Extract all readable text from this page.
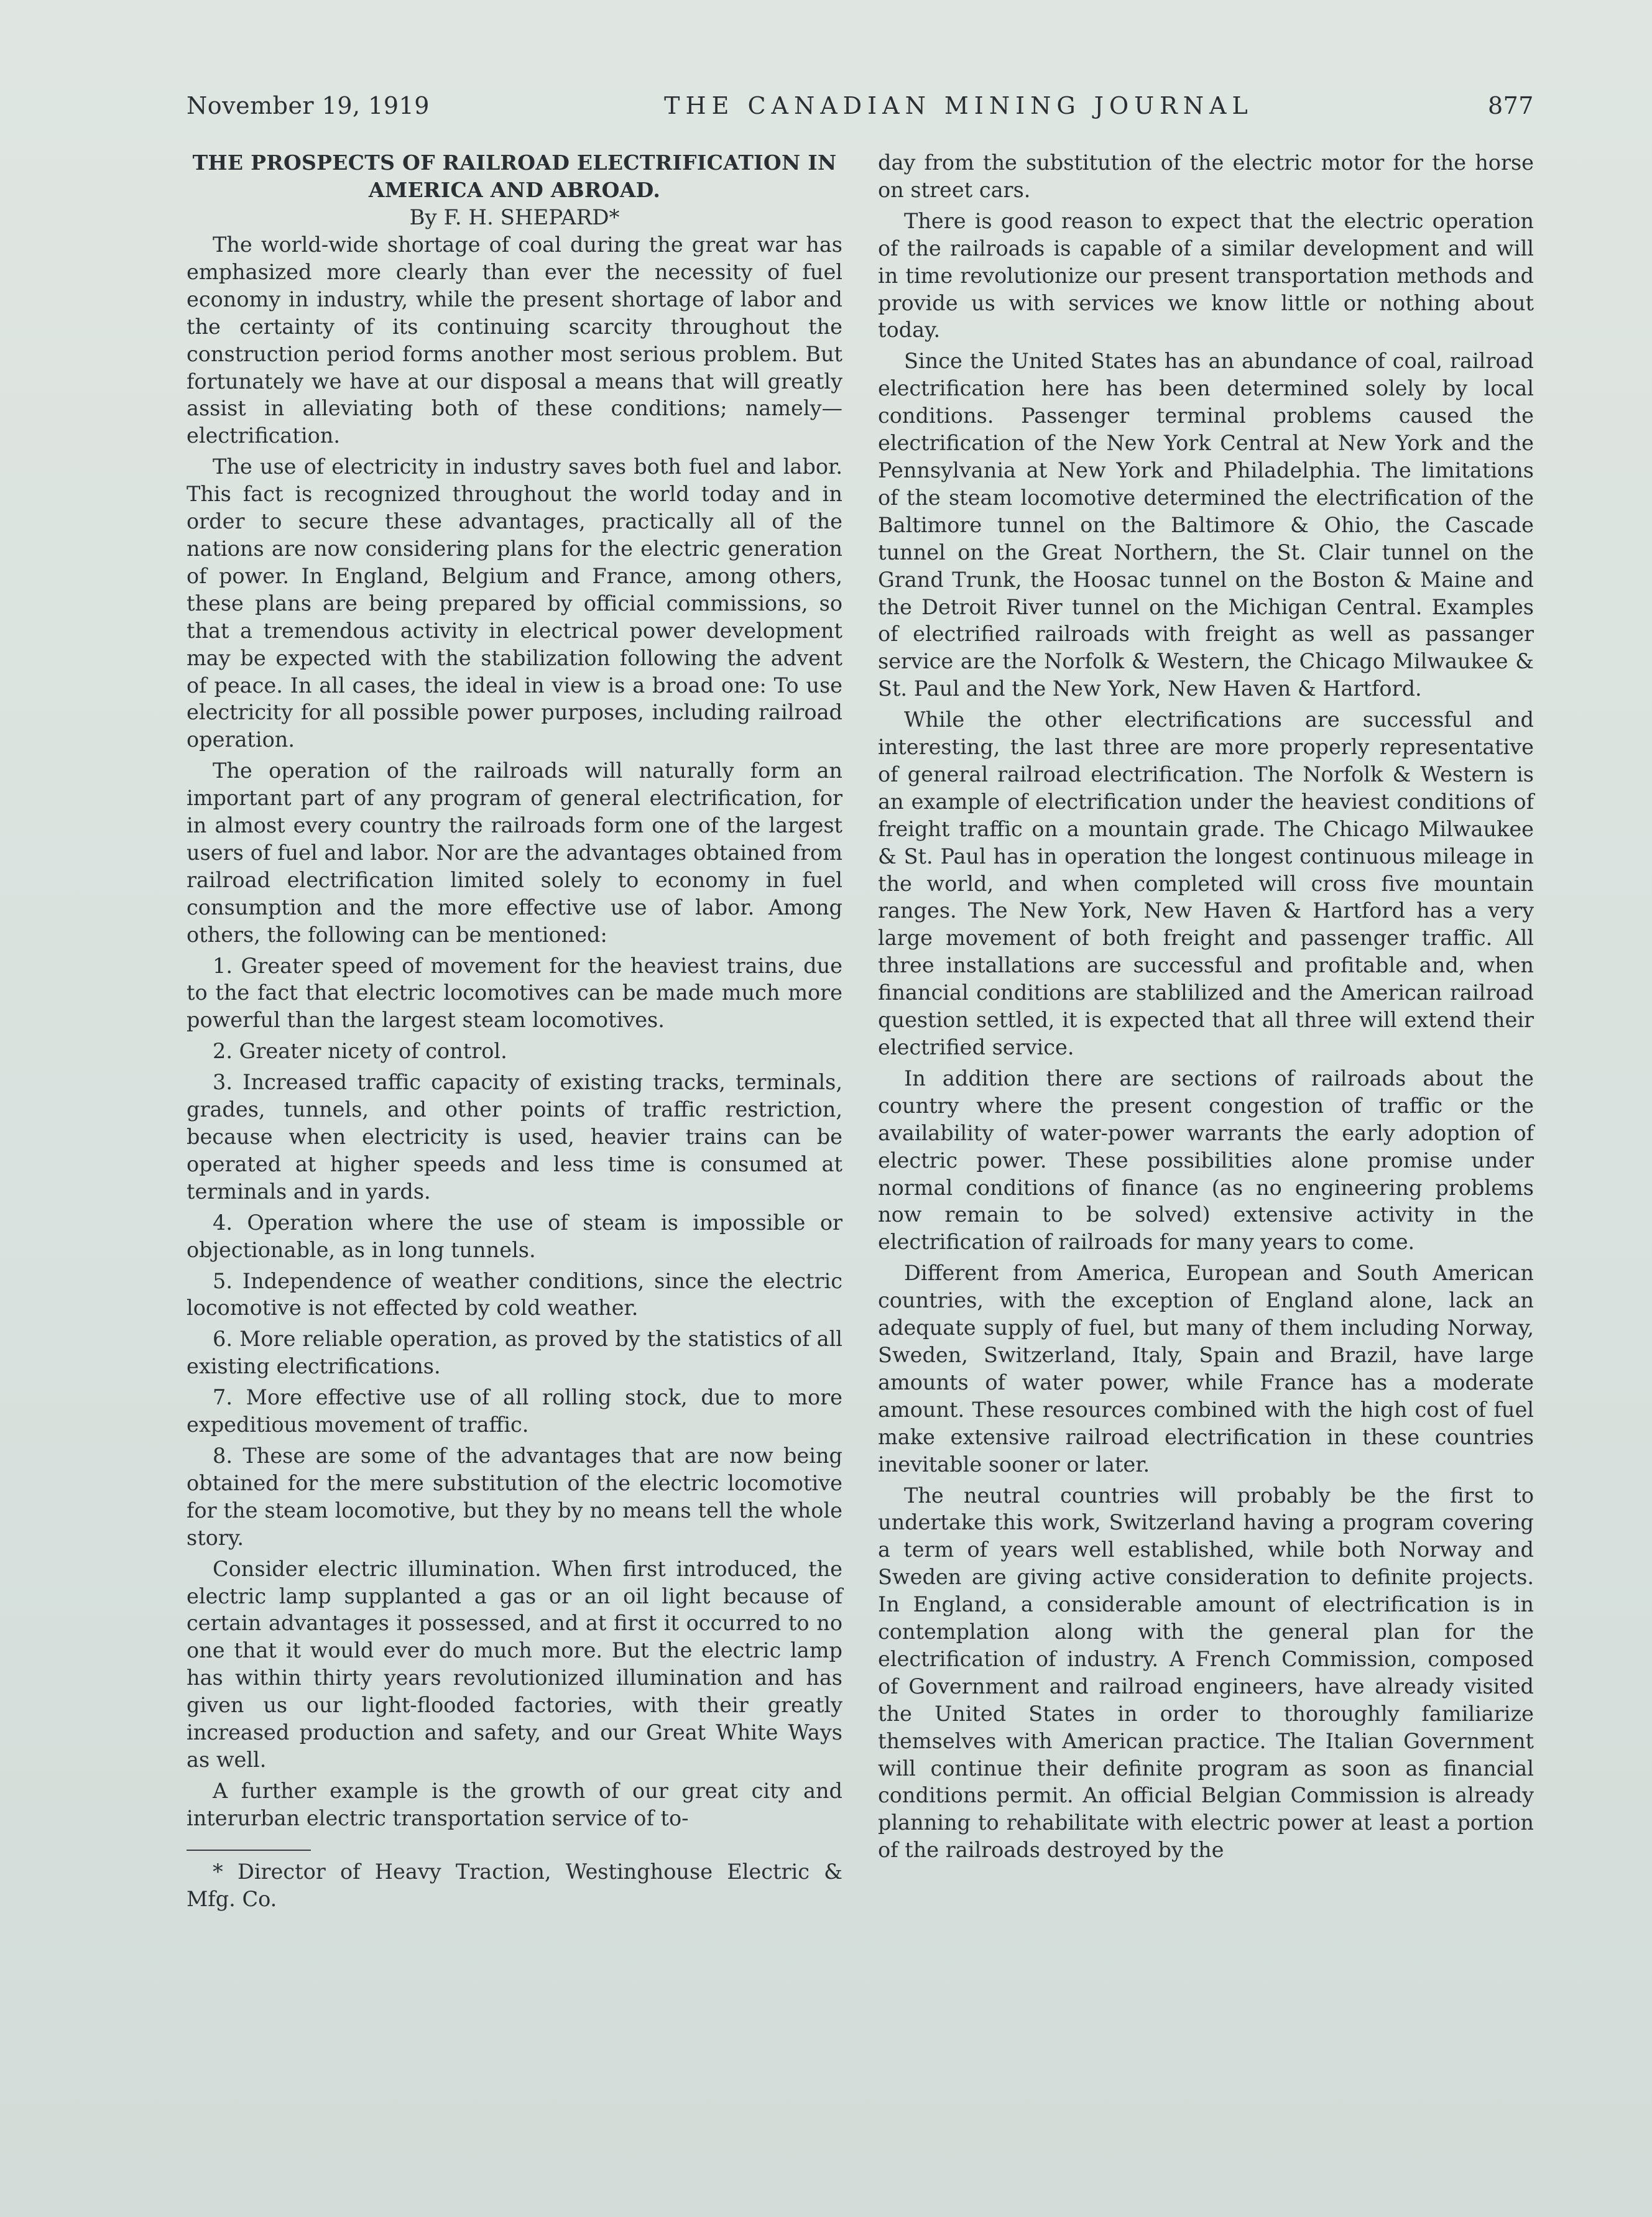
November 19, 1919	THE CANADIAN MINING JOURNAL	877
THE PROSPECTS OF RAILROAD ELECTRIFICATION IN AMERICA AND ABROAD.

By F. H. SHEPARD*

The world-wide shortage of coal during the great war has emphasized more clearly than ever the necessity of fuel economy in industry, while the present shortage of labor and the certainty of its continuing scarcity throughout the construction period forms another most serious problem. But fortunately we have at our disposal a means that will greatly assist in alleviating both of these conditions; namely—electrification.

The use of electricity in industry saves both fuel and labor. This fact is recognized throughout the world today and in order to secure these advantages, practically all of the nations are now considering plans for the electric generation of power. In England, Belgium and France, among others, these plans are being prepared by official commissions, so that a tremendous activity in electrical power development may be expected with the stabilization following the advent of peace. In all cases, the ideal in view is a broad one: To use electricity for all possible power purposes, including railroad operation.

The operation of the railroads will naturally form an important part of any program of general electrification, for in almost every country the railroads form one of the largest users of fuel and labor. Nor are the advantages obtained from railroad electrification limited solely to economy in fuel consumption and the more effective use of labor. Among others, the following can be mentioned:

1. Greater speed of movement for the heaviest trains, due to the fact that electric locomotives can be made much more powerful than the largest steam locomotives.

2. Greater nicety of control.

3. Increased traffic capacity of existing tracks, terminals, grades, tunnels, and other points of traffic restriction, because when electricity is used, heavier trains can be operated at higher speeds and less time is consumed at terminals and in yards.

4. Operation where the use of steam is impossible or objectionable, as in long tunnels.

5. Independence of weather conditions, since the electric locomotive is not effected by cold weather.

6. More reliable operation, as proved by the statistics of all existing electrifications.

7. More effective use of all rolling stock, due to more expeditious movement of traffic.

8. These are some of the advantages that are now being obtained for the mere substitution of the electric locomotive for the steam locomotive, but they by no means tell the whole story.

Consider electric illumination. When first introduced, the electric lamp supplanted a gas or an oil light because of certain advantages it possessed, and at first it occurred to no one that it would ever do much more. But the electric lamp has within thirty years revolutionized illumination and has given us our light-flooded factories, with their greatly increased production and safety, and our Great White Ways as well.

A further example is the growth of our great city and interurban electric transportation service of to-

* Director of Heavy Traction, Westinghouse Electric & Mfg. Co.

day from the substitution of the electric motor for the horse on street cars.

There is good reason to expect that the electric operation of the railroads is capable of a similar development and will in time revolutionize our present transportation methods and provide us with services we know little or nothing about today.

Since the United States has an abundance of coal, railroad electrification here has been determined solely by local conditions. Passenger terminal problems caused the electrification of the New York Central at New York and the Pennsylvania at New York and Philadelphia. The limitations of the steam locomotive determined the electrification of the Baltimore tunnel on the Baltimore & Ohio, the Cascade tunnel on the Great Northern, the St. Clair tunnel on the Grand Trunk, the Hoosac tunnel on the Boston & Maine and the Detroit River tunnel on the Michigan Central. Examples of electrified railroads with freight as well as passanger service are the Norfolk & Western, the Chicago Milwaukee & St. Paul and the New York, New Haven & Hartford.

While the other electrifications are successful and interesting, the last three are more properly representative of general railroad electrification. The Norfolk & Western is an example of electrification under the heaviest conditions of freight traffic on a mountain grade. The Chicago Milwaukee & St. Paul has in operation the longest continuous mileage in the world, and when completed will cross five mountain ranges. The New York, New Haven & Hartford has a very large movement of both freight and passenger traffic. All three installations are successful and profitable and, when financial conditions are stablilized and the American railroad question settled, it is expected that all three will extend their electrified service.

In addition there are sections of railroads about the country where the present congestion of traffic or the availability of water-power warrants the early adoption of electric power. These possibilities alone promise under normal conditions of finance (as no engineering problems now remain to be solved) extensive activity in the electrification of railroads for many years to come.

Different from America, European and South American countries, with the exception of England alone, lack an adequate supply of fuel, but many of them including Norway, Sweden, Switzerland, Italy, Spain and Brazil, have large amounts of water power, while France has a moderate amount. These resources combined with the high cost of fuel make extensive railroad electrification in these countries inevitable sooner or later.

The neutral countries will probably be the first to undertake this work, Switzerland having a program covering a term of years well established, while both Norway and Sweden are giving active consideration to definite projects. In England, a considerable amount of electrification is in contemplation along with the general plan for the electrification of industry. A French Commission, composed of Government and railroad engineers, have already visited the United States in order to thoroughly familiarize themselves with American practice. The Italian Government will continue their definite program as soon as financial conditions permit. An official Belgian Commission is already planning to rehabilitate with electric power at least a portion of the railroads destroyed by the
